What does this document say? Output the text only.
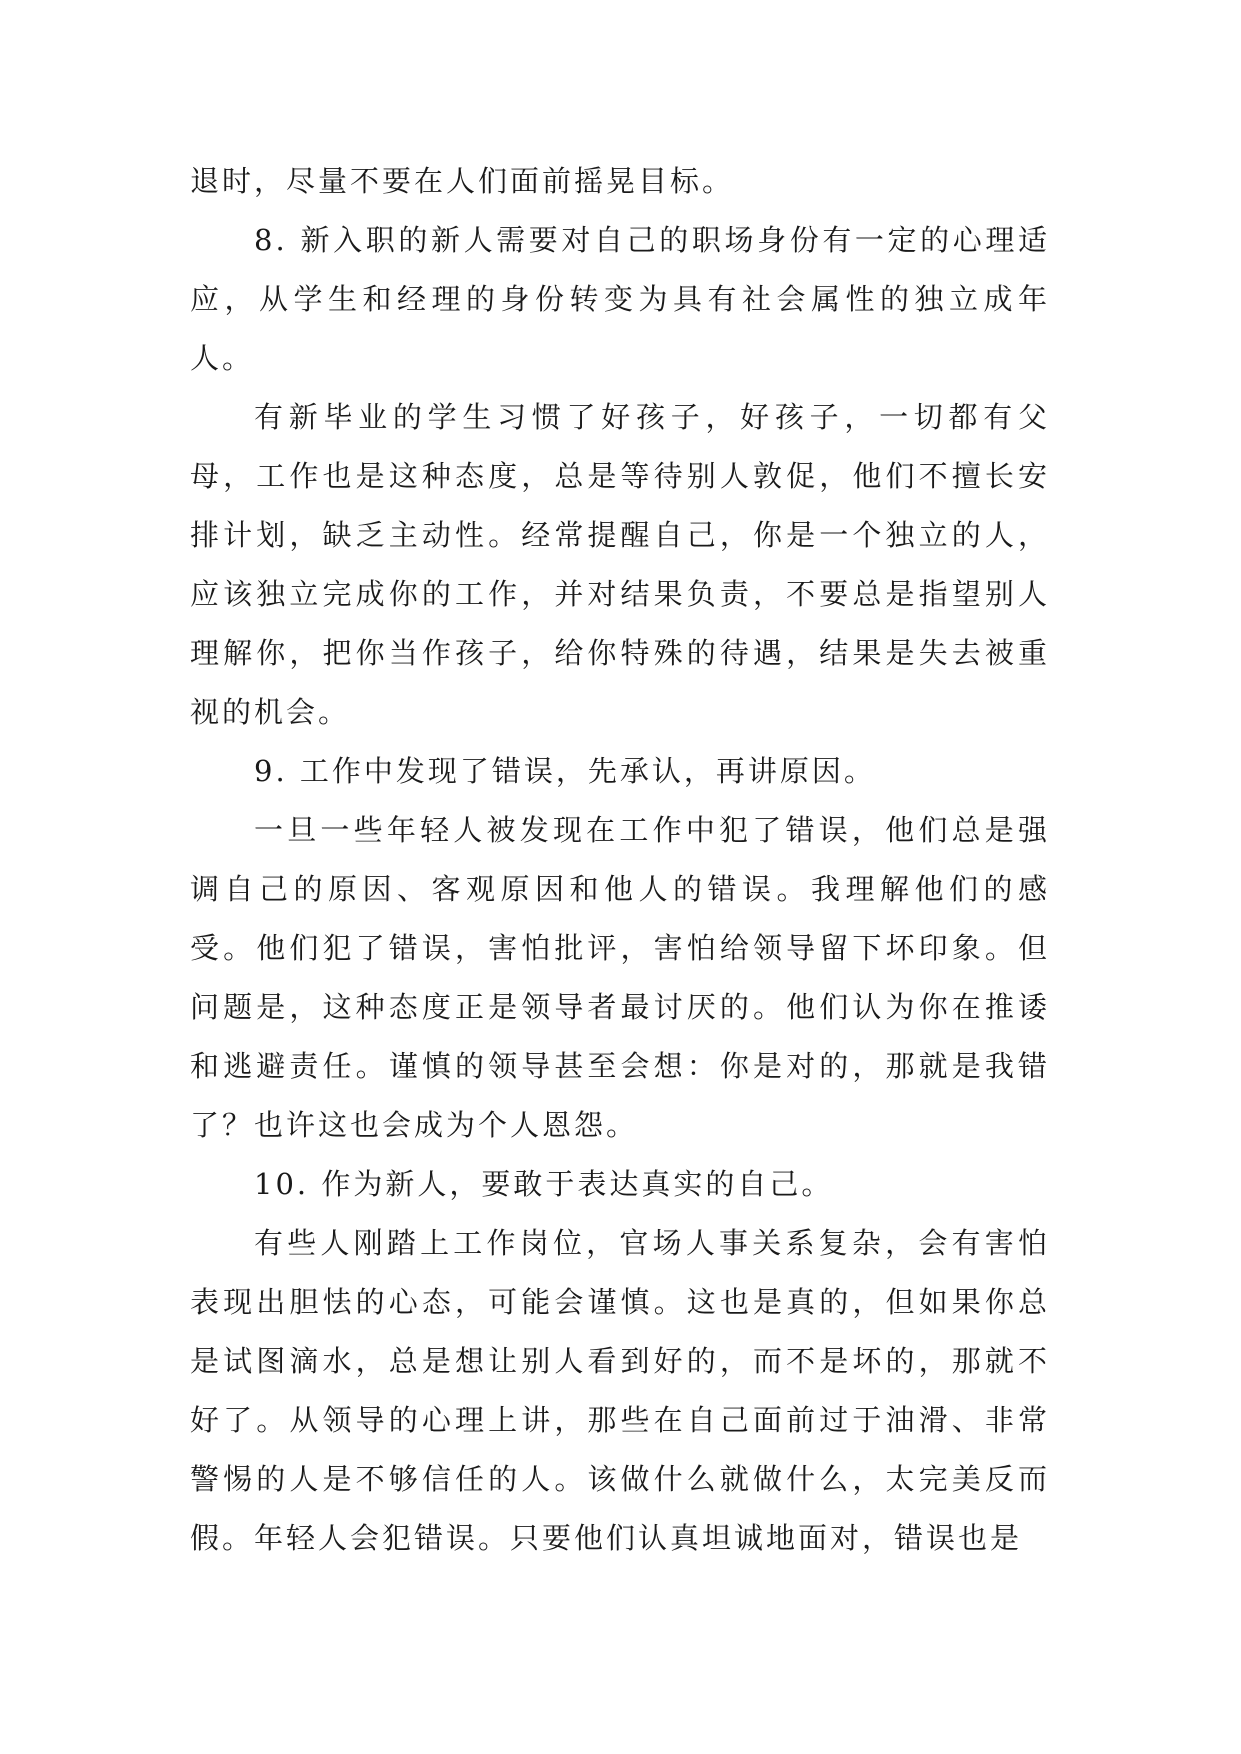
退时，尽量不要在人们面前摇晃目标。

8. 新入职的新人需要对自己的职场身份有一定的心理适应，从学生和经理的身份转变为具有社会属性的独立成年人。

有新毕业的学生习惯了好孩子，好孩子，一切都有父母，工作也是这种态度，总是等待别人敦促，他们不擅长安排计划，缺乏主动性。经常提醒自己，你是一个独立的人，应该独立完成你的工作，并对结果负责，不要总是指望别人理解你，把你当作孩子，给你特殊的待遇，结果是失去被重视的机会。

9. 工作中发现了错误，先承认，再讲原因。

一旦一些年轻人被发现在工作中犯了错误，他们总是强调自己的原因、客观原因和他人的错误。我理解他们的感受。他们犯了错误，害怕批评，害怕给领导留下坏印象。但问题是，这种态度正是领导者最讨厌的。他们认为你在推诿和逃避责任。谨慎的领导甚至会想：你是对的，那就是我错了？也许这也会成为个人恩怨。

10. 作为新人，要敢于表达真实的自己。

有些人刚踏上工作岗位，官场人事关系复杂，会有害怕表现出胆怯的心态，可能会谨慎。这也是真的，但如果你总是试图滴水，总是想让别人看到好的，而不是坏的，那就不好了。从领导的心理上讲，那些在自己面前过于油滑、非常警惕的人是不够信任的人。该做什么就做什么，太完美反而假。年轻人会犯错误。只要他们认真坦诚地面对，错误也是
